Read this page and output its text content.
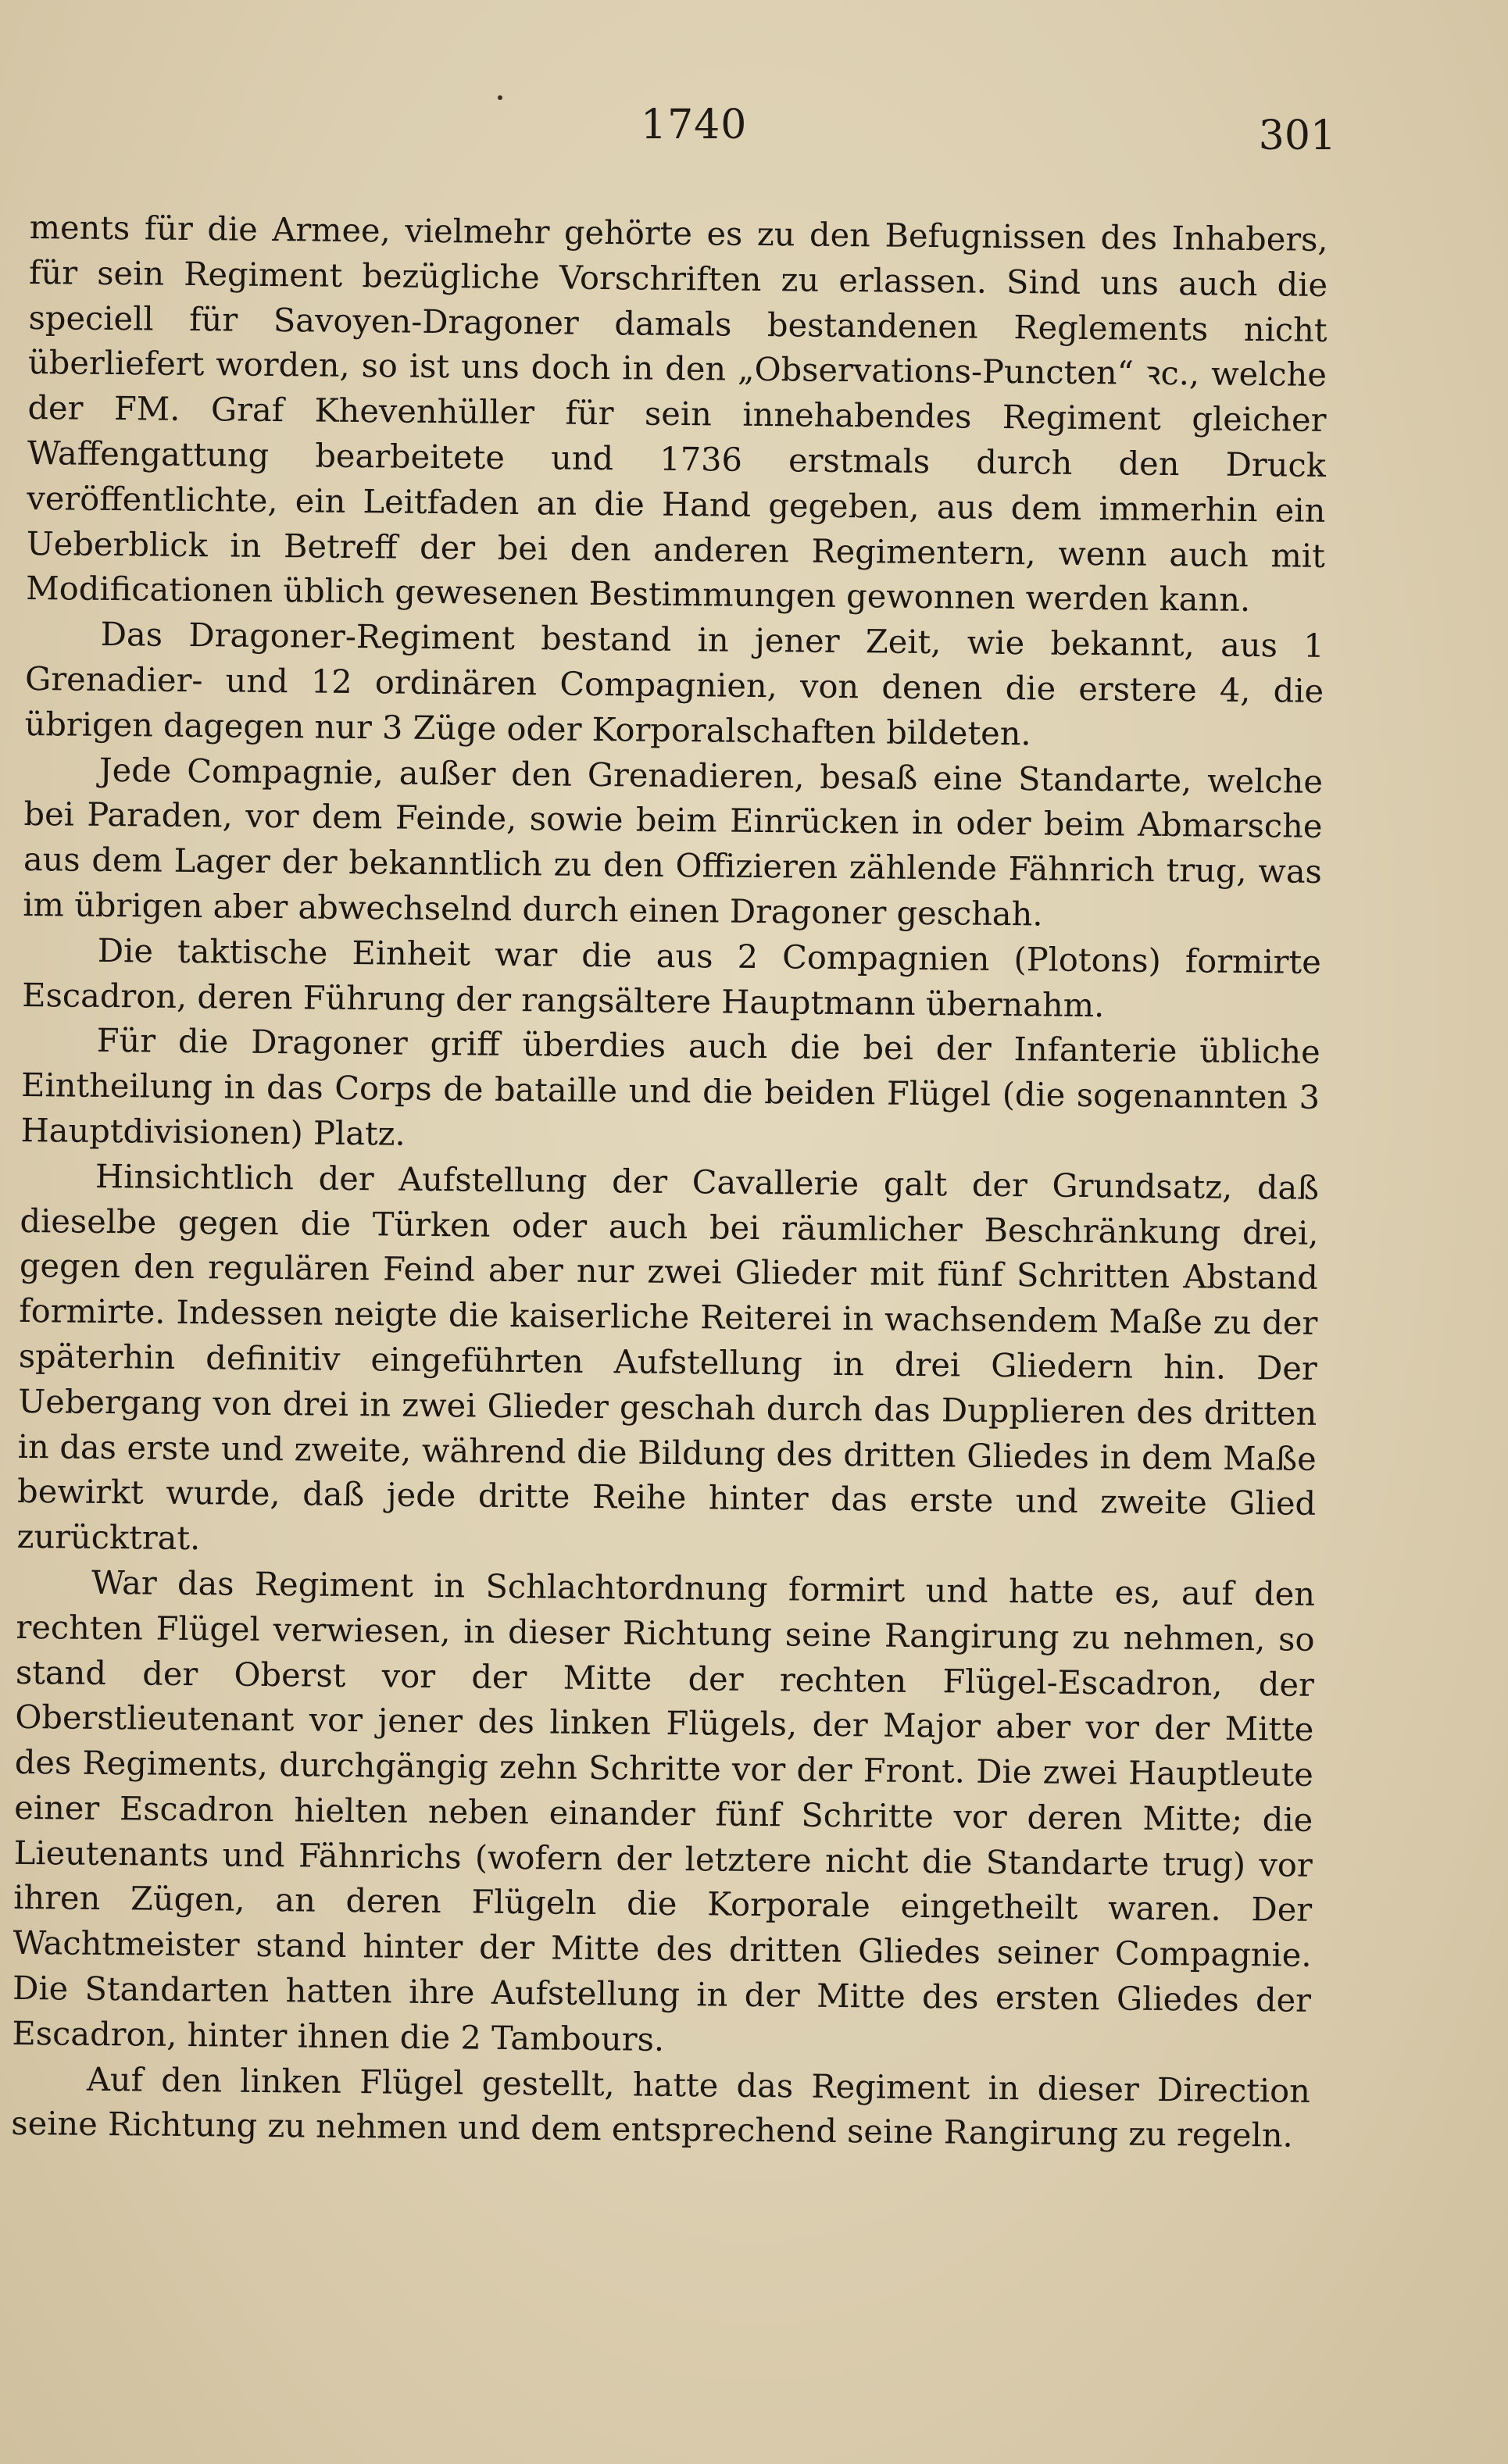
1740	301

ments für die Armee, vielmehr gehörte es zu den Befugnissen des Inhabers, für sein Regiment bezügliche Vorschriften zu erlassen. Sind uns auch die speciell für Savoyen-Dragoner damals bestandenen Reglements nicht überliefert worden, so ist uns doch in den „Observations-Puncten“ ꝛc., welche der FM. Graf Khevenhüller für sein innehabendes Regiment gleicher Waffengattung bearbeitete und 1736 erstmals durch den Druck veröffentlichte, ein Leitfaden an die Hand gegeben, aus dem immerhin ein Ueberblick in Betreff der bei den anderen Regimentern, wenn auch mit Modificationen üblich gewesenen Bestimmungen gewonnen werden kann.

Das Dragoner-Regiment bestand in jener Zeit, wie bekannt, aus 1 Grenadier- und 12 ordinären Compagnien, von denen die erstere 4, die übrigen dagegen nur 3 Züge oder Korporalschaften bildeten.

Jede Compagnie, außer den Grenadieren, besaß eine Standarte, welche bei Paraden, vor dem Feinde, sowie beim Einrücken in oder beim Abmarsche aus dem Lager der bekanntlich zu den Offizieren zählende Fähnrich trug, was im übrigen aber abwechselnd durch einen Dragoner geschah.

Die taktische Einheit war die aus 2 Compagnien (Plotons) formirte Escadron, deren Führung der rangsältere Hauptmann übernahm.

Für die Dragoner griff überdies auch die bei der Infanterie übliche Eintheilung in das Corps de bataille und die beiden Flügel (die sogenannten 3 Hauptdivisionen) Platz.

Hinsichtlich der Aufstellung der Cavallerie galt der Grundsatz, daß dieselbe gegen die Türken oder auch bei räumlicher Beschränkung drei, gegen den regulären Feind aber nur zwei Glieder mit fünf Schritten Abstand formirte. Indessen neigte die kaiserliche Reiterei in wachsendem Maße zu der späterhin definitiv eingeführten Aufstellung in drei Gliedern hin. Der Uebergang von drei in zwei Glieder geschah durch das Dupplieren des dritten in das erste und zweite, während die Bildung des dritten Gliedes in dem Maße bewirkt wurde, daß jede dritte Reihe hinter das erste und zweite Glied zurücktrat.

War das Regiment in Schlachtordnung formirt und hatte es, auf den rechten Flügel verwiesen, in dieser Richtung seine Rangirung zu nehmen, so stand der Oberst vor der Mitte der rechten Flügel-Escadron, der Oberstlieutenant vor jener des linken Flügels, der Major aber vor der Mitte des Regiments, durchgängig zehn Schritte vor der Front. Die zwei Hauptleute einer Escadron hielten neben einander fünf Schritte vor deren Mitte; die Lieutenants und Fähnrichs (wofern der letztere nicht die Standarte trug) vor ihren Zügen, an deren Flügeln die Korporale eingetheilt waren. Der Wachtmeister stand hinter der Mitte des dritten Gliedes seiner Compagnie. Die Standarten hatten ihre Aufstellung in der Mitte des ersten Gliedes der Escadron, hinter ihnen die 2 Tambours.

Auf den linken Flügel gestellt, hatte das Regiment in dieser Direction seine Richtung zu nehmen und dem entsprechend seine Rangirung zu regeln.
